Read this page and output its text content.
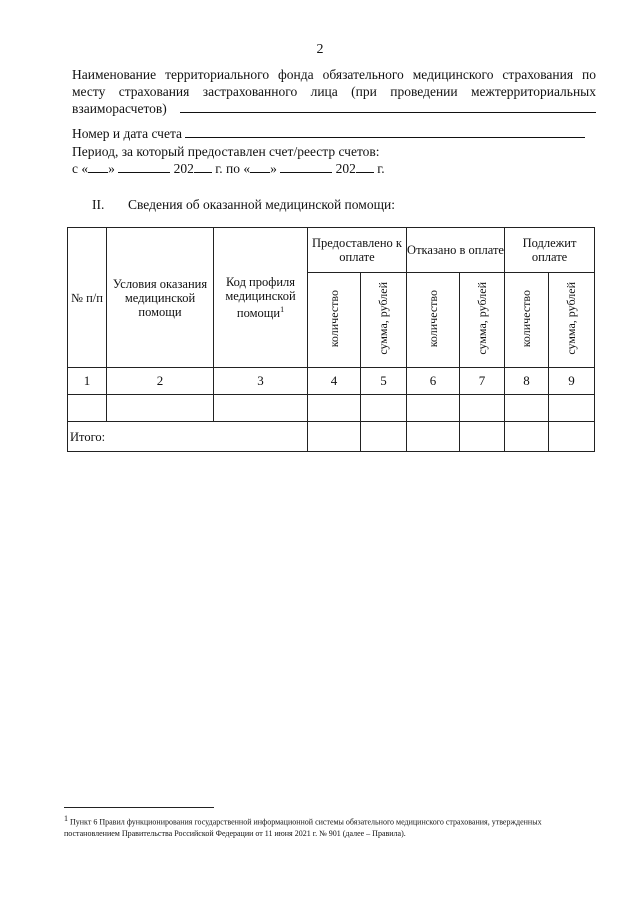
2
Наименование территориального фонда обязательного медицинского страхования по месту страхования застрахованного лица (при проведении межтерриториальных взаиморасчетов)
Номер и дата счета
Период, за который предоставлен счет/реестр счетов:
с « »	202 г. по « »	202 г.
II. Сведения об оказанной медицинской помощи:
№ п/п	Условия оказания медицинской помощи	Код профиля медицинской помощи$^1$	Предоставлено к оплате		Отказано в оплате		Подлежит оплате	
			количество	сумма, рублей	количество	сумма, рублей	количество	сумма, рублей
1	2	3	4	5	6	7	8	9

Итого:								
$^1$ Пункт 6 Правил функционирования государственной информационной системы обязательного медицинского страхования, утвержденных постановлением Правительства Российской Федерации от 11 июня 2021 г. № 901 (далее – Правила).
